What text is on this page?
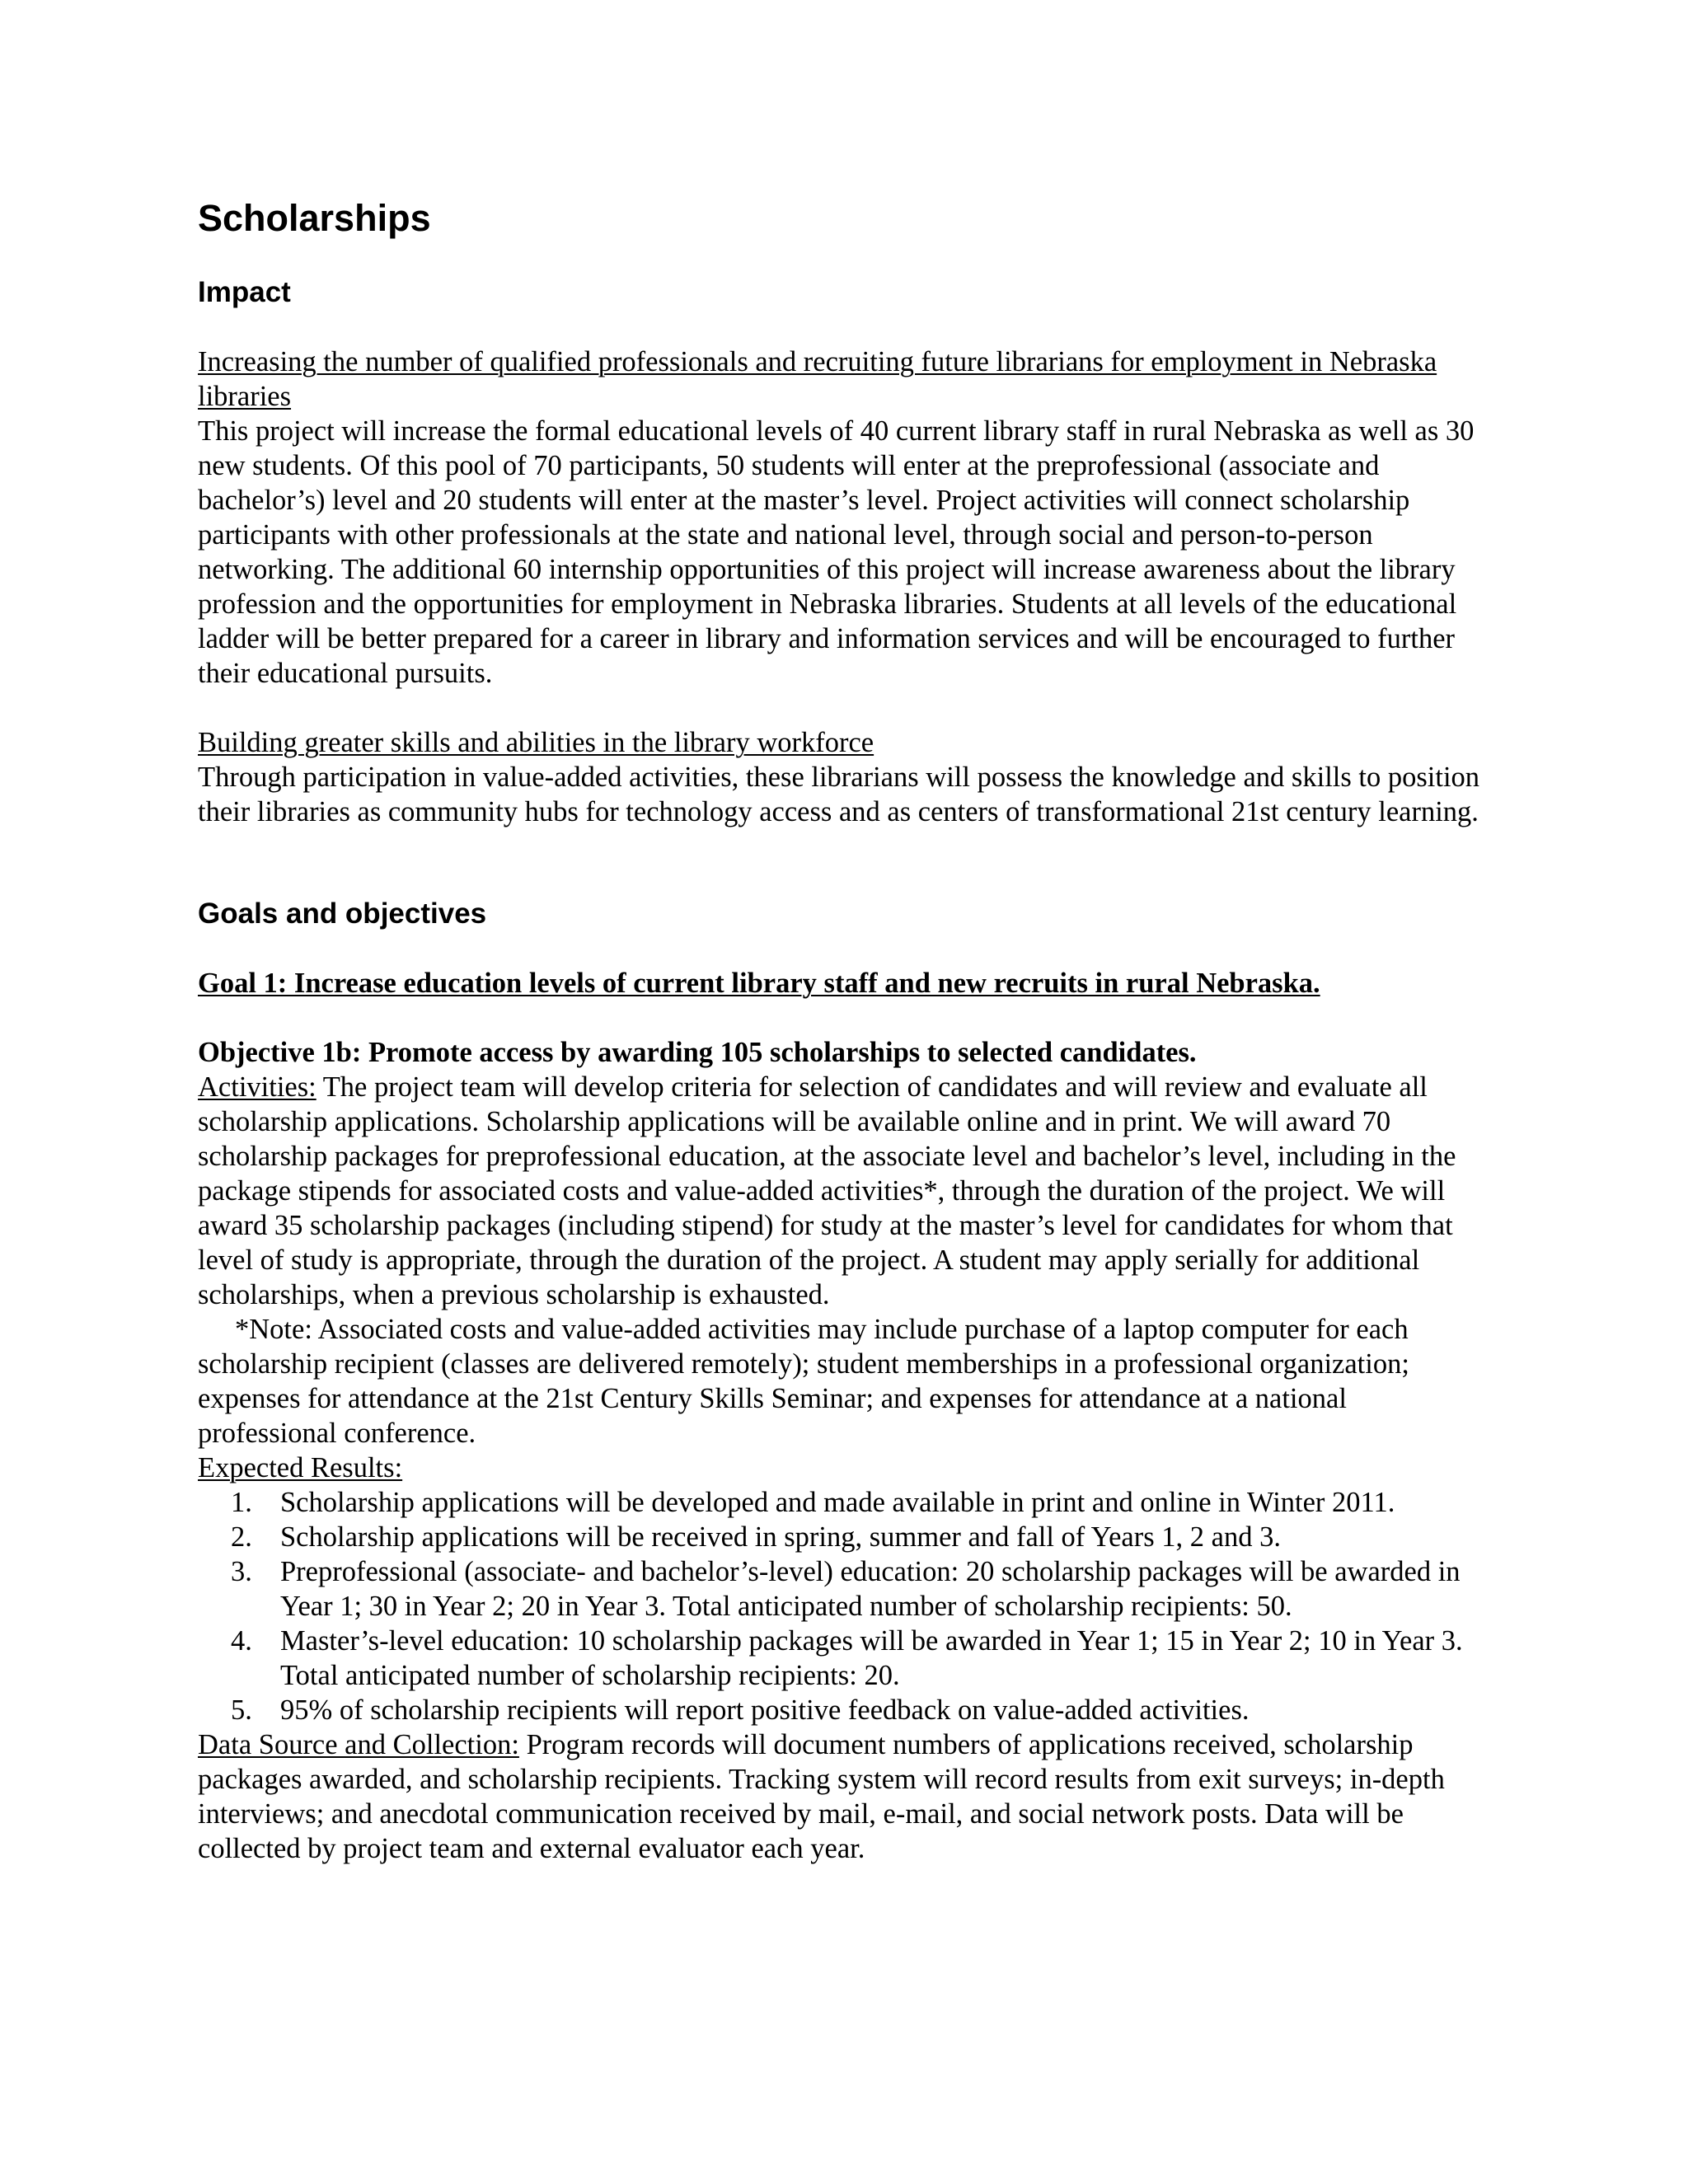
Scholarships
Impact

Increasing the number of qualified professionals and recruiting future librarians for employment in Nebraska libraries

This project will increase the formal educational levels of 40 current library staff in rural Nebraska as well as 30 new students. Of this pool of 70 participants, 50 students will enter at the preprofessional (associate and bachelor’s) level and 20 students will enter at the master’s level. Project activities will connect scholarship participants with other professionals at the state and national level, through social and person-to-person networking. The additional 60 internship opportunities of this project will increase awareness about the library profession and the opportunities for employment in Nebraska libraries. Students at all levels of the educational ladder will be better prepared for a career in library and information services and will be encouraged to further their educational pursuits.

Building greater skills and abilities in the library workforce

Through participation in value-added activities, these librarians will possess the knowledge and skills to position their libraries as community hubs for technology access and as centers of transformational 21st century learning.

Goals and objectives

Goal 1: Increase education levels of current library staff and new recruits in rural Nebraska.

Objective 1b: Promote access by awarding 105 scholarships to selected candidates.

Activities: The project team will develop criteria for selection of candidates and will review and evaluate all scholarship applications. Scholarship applications will be available online and in print. We will award 70 scholarship packages for preprofessional education, at the associate level and bachelor’s level, including in the package stipends for associated costs and value-added activities*, through the duration of the project. We will award 35 scholarship packages (including stipend) for study at the master’s level for candidates for whom that level of study is appropriate, through the duration of the project. A student may apply serially for additional scholarships, when a previous scholarship is exhausted.

*Note: Associated costs and value-added activities may include purchase of a laptop computer for each scholarship recipient (classes are delivered remotely); student memberships in a professional organization; expenses for attendance at the 21st Century Skills Seminar; and expenses for attendance at a national professional conference.

Expected Results:

1. Scholarship applications will be developed and made available in print and online in Winter 2011.
2. Scholarship applications will be received in spring, summer and fall of Years 1, 2 and 3.
3. Preprofessional (associate- and bachelor’s-level) education: 20 scholarship packages will be awarded in Year 1; 30 in Year 2; 20 in Year 3. Total anticipated number of scholarship recipients: 50.
4. Master’s-level education: 10 scholarship packages will be awarded in Year 1; 15 in Year 2; 10 in Year 3. Total anticipated number of scholarship recipients: 20.
5. 95% of scholarship recipients will report positive feedback on value-added activities.

Data Source and Collection: Program records will document numbers of applications received, scholarship packages awarded, and scholarship recipients. Tracking system will record results from exit surveys; in-depth interviews; and anecdotal communication received by mail, e-mail, and social network posts. Data will be collected by project team and external evaluator each year.
